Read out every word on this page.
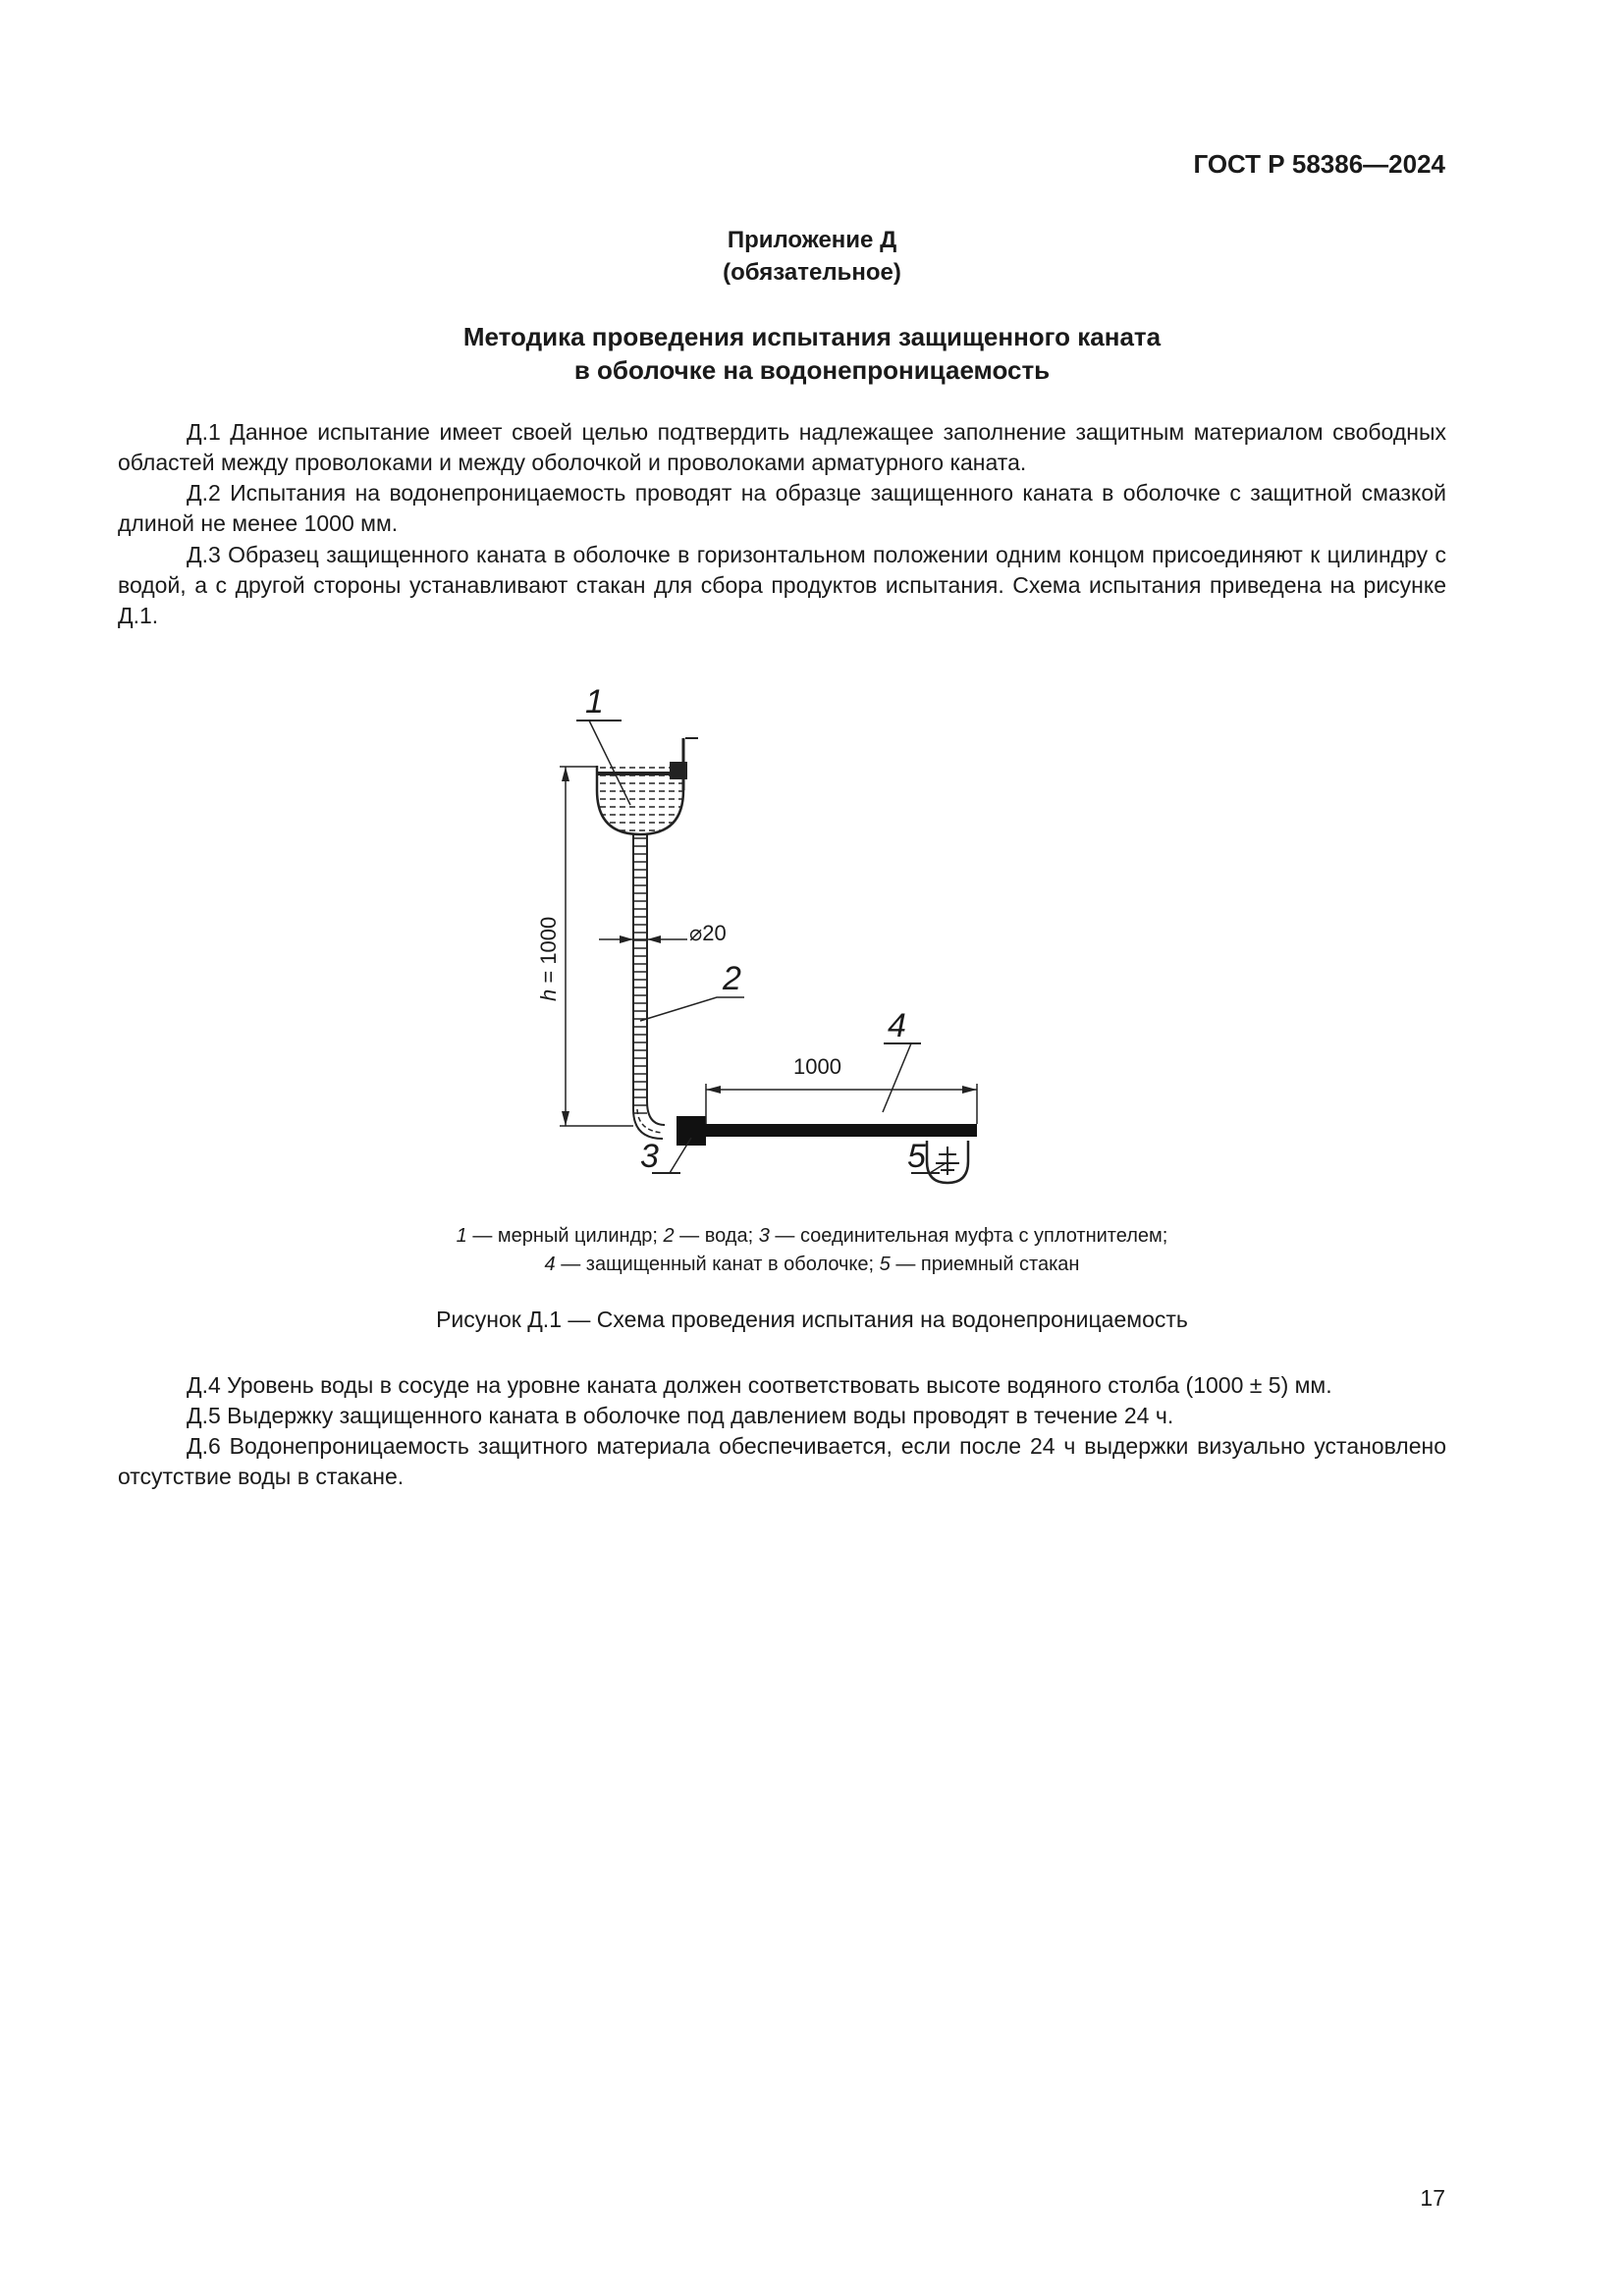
ГОСТ Р 58386—2024
Приложение Д
(обязательное)
Методика проведения испытания защищенного каната
в оболочке на водонепроницаемость

Д.1 Данное испытание имеет своей целью подтвердить надлежащее заполнение защитным материалом свободных областей между проволоками и между оболочкой и проволоками арматурного каната.

Д.2 Испытания на водонепроницаемость проводят на образце защищенного каната в оболочке с защитной смазкой длиной не менее 1000 мм.

Д.3 Образец защищенного каната в оболочке в горизонтальном положении одним концом присоединяют к цилиндру с водой, а с другой стороны устанавливают стакан для сбора продуктов испытания. Схема испытания приведена на рисунке Д.1.

1
2
3
4
5
h = 1000	⌀20
1000
1 — мерный цилиндр; 2 — вода; 3 — соединительная муфта с уплотнителем;
4 — защищенный канат в оболочке; 5 — приемный стакан
Рисунок Д.1 — Схема проведения испытания на водонепроницаемость

Д.4 Уровень воды в сосуде на уровне каната должен соответствовать высоте водяного столба (1000 ± 5) мм.

Д.5 Выдержку защищенного каната в оболочке под давлением воды проводят в течение 24 ч.

Д.6 Водонепроницаемость защитного материала обеспечивается, если после 24 ч выдержки визуально установлено отсутствие воды в стакане.

17
